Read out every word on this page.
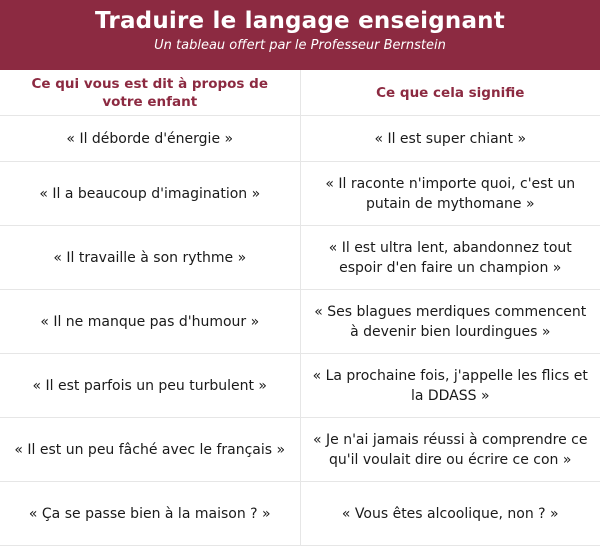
Traduire le langage enseignant
Un tableau offert par le Professeur Bernstein
Ce qui vous est dit à propos de votre enfant	Ce que cela signifie
« Il déborde d'énergie »	« Il est super chiant »
« Il a beaucoup d'imagination »	« Il raconte n'importe quoi, c'est un putain de mythomane »
« Il travaille à son rythme »	« Il est ultra lent, abandonnez tout espoir d'en faire un champion »
« Il ne manque pas d'humour »	« Ses blagues merdiques commencent à devenir bien lourdingues »
« Il est parfois un peu turbulent »	« La prochaine fois, j'appelle les flics et la DDASS »
« Il est un peu fâché avec le français »	« Je n'ai jamais réussi à comprendre ce qu'il voulait dire ou écrire ce con »
« Ça se passe bien à la maison ? »	« Vous êtes alcoolique, non ? »
